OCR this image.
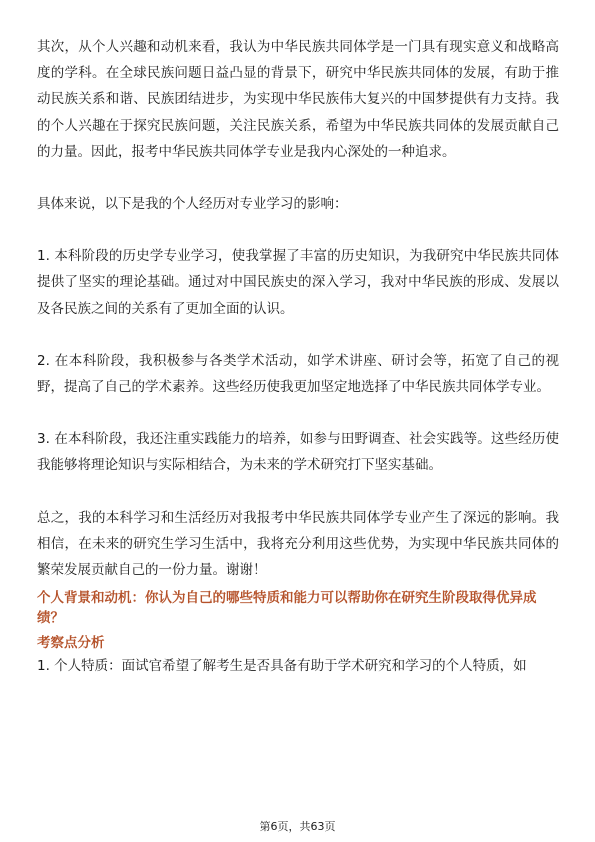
其次，从个人兴趣和动机来看，我认为中华民族共同体学是一门具有现实意义和战略高度的学科。在全球民族问题日益凸显的背景下，研究中华民族共同体的发展，有助于推动民族关系和谐、民族团结进步，为实现中华民族伟大复兴的中国梦提供有力支持。我的个人兴趣在于探究民族问题，关注民族关系，希望为中华民族共同体的发展贡献自己的力量。因此，报考中华民族共同体学专业是我内心深处的一种追求。

具体来说，以下是我的个人经历对专业学习的影响：

1. 本科阶段的历史学专业学习，使我掌握了丰富的历史知识，为我研究中华民族共同体提供了坚实的理论基础。通过对中国民族史的深入学习，我对中华民族的形成、发展以及各民族之间的关系有了更加全面的认识。

2. 在本科阶段，我积极参与各类学术活动，如学术讲座、研讨会等，拓宽了自己的视野，提高了自己的学术素养。这些经历使我更加坚定地选择了中华民族共同体学专业。

3. 在本科阶段，我还注重实践能力的培养，如参与田野调查、社会实践等。这些经历使我能够将理论知识与实际相结合，为未来的学术研究打下坚实基础。

总之，我的本科学习和生活经历对我报考中华民族共同体学专业产生了深远的影响。我相信，在未来的研究生学习生活中，我将充分利用这些优势，为实现中华民族共同体的繁荣发展贡献自己的一份力量。谢谢！

个人背景和动机：你认为自己的哪些特质和能力可以帮助你在研究生阶段取得优异成绩？

考察点分析

1. 个人特质：面试官希望了解考生是否具备有助于学术研究和学习的个人特质，如

第6页，共63页
